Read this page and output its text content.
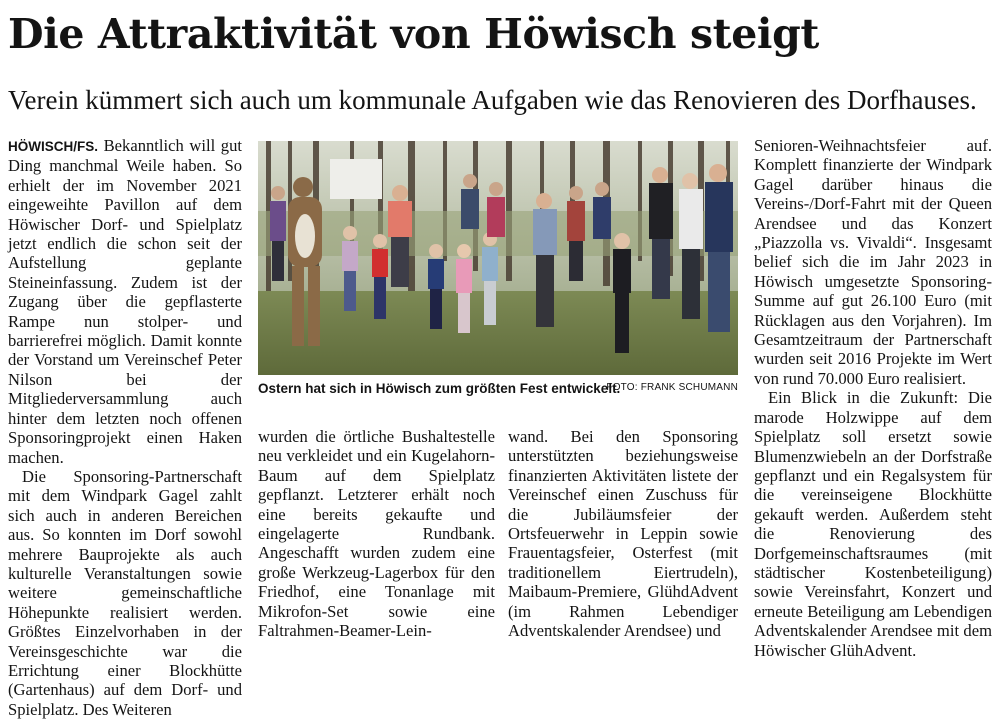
Die Attraktivität von Höwisch steigt
Verein kümmert sich auch um kommunale Aufgaben wie das Renovieren des Dorfhauses.

HÖWISCH/FS. Bekanntlich will gut Ding manchmal Weile haben. So erhielt der im November 2021 eingeweihte Pavillon auf dem Höwischer Dorf- und Spielplatz jetzt endlich die schon seit der Aufstellung geplante Steineinfassung. Zudem ist der Zugang über die gepflasterte Rampe nun stolper- und barrierefrei möglich. Damit konnte der Vorstand um Vereinschef Peter Nilson bei der Mitgliederversammlung auch hinter dem letzten noch offenen Sponsoringprojekt einen Haken machen.

Die Sponsoring-Partnerschaft mit dem Windpark Gagel zahlt sich auch in anderen Bereichen aus. So konnten im Dorf sowohl mehrere Bauprojekte als auch kulturelle Veranstaltungen sowie weitere gemeinschaftliche Höhepunkte realisiert werden. Größtes Einzelvorhaben in der Vereinsgeschichte war die Errichtung einer Blockhütte (Gartenhaus) auf dem Dorf- und Spielplatz. Des Weiteren

Ostern hat sich in Höwisch zum größten Fest entwickelt.
FOTO: FRANK SCHUMANN

wurden die örtliche Bushaltestelle neu verkleidet und ein Kugelahorn-Baum auf dem Spielplatz gepflanzt. Letzterer erhält noch eine bereits gekaufte und eingelagerte Rundbank. Angeschafft wurden zudem eine große Werkzeug-Lagerbox für den Friedhof, eine Tonanlage mit Mikrofon-Set sowie eine Faltrahmen-Beamer-Lein-

wand. Bei den Sponsoring unterstützten beziehungsweise finanzierten Aktivitäten listete der Vereinschef einen Zuschuss für die Jubiläumsfeier der Ortsfeuerwehr in Leppin sowie Frauentagsfeier, Osterfest (mit traditionellem Eiertrudeln), Maibaum-Premiere, GlühdAdvent (im Rahmen Lebendiger Adventskalender Arendsee) und

Senioren-Weihnachtsfeier auf. Komplett finanzierte der Windpark Gagel darüber hinaus die Vereins-/Dorf-Fahrt mit der Queen Arendsee und das Konzert „Piazzolla vs. Vivaldi“. Insgesamt belief sich die im Jahr 2023 in Höwisch umgesetzte Sponsoring-Summe auf gut 26.100 Euro (mit Rücklagen aus den Vorjahren). Im Gesamtzeitraum der Partnerschaft wurden seit 2016 Projekte im Wert von rund 70.000 Euro realisiert.

Ein Blick in die Zukunft: Die marode Holzwippe auf dem Spielplatz soll ersetzt sowie Blumenzwiebeln an der Dorfstraße gepflanzt und ein Regalsystem für die vereinseigene Blockhütte gekauft werden. Außerdem steht die Renovierung des Dorfgemeinschaftsraumes (mit städtischer Kostenbeteiligung) sowie Vereinsfahrt, Konzert und erneute Beteiligung am Lebendigen Adventskalender Arendsee mit dem Höwischer GlühAdvent.
